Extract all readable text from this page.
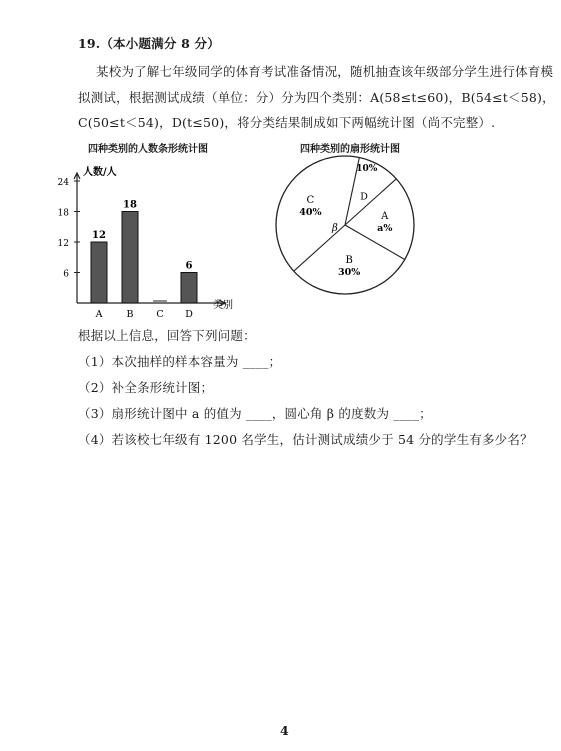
19.（本小题满分 8 分）
某校为了解七年级同学的体育考试准备情况，随机抽查该年级部分学生进行体育模
拟测试，根据测试成绩（单位：分）分为四个类别：A(58≤t≤60)，B(54≤t＜58)，
C(50≤t＜54)，D(t≤50)，将分类结果制成如下两幅统计图（尚不完整）.
四种类别的人数条形统计图	四种类别的扇形统计图
人数/人
类别
6
12
18
24
12
A
18
B C
6
D
10%
D
A
a%
B
30%
C
40%
β
根据以上信息，回答下列问题：
（1）本次抽样的样本容量为 ____；
（2）补全条形统计图；
（3）扇形统计图中 a 的值为 ____，圆心角 β 的度数为 ____；
（4）若该校七年级有 1200 名学生，估计测试成绩少于 54 分的学生有多少名？
4
